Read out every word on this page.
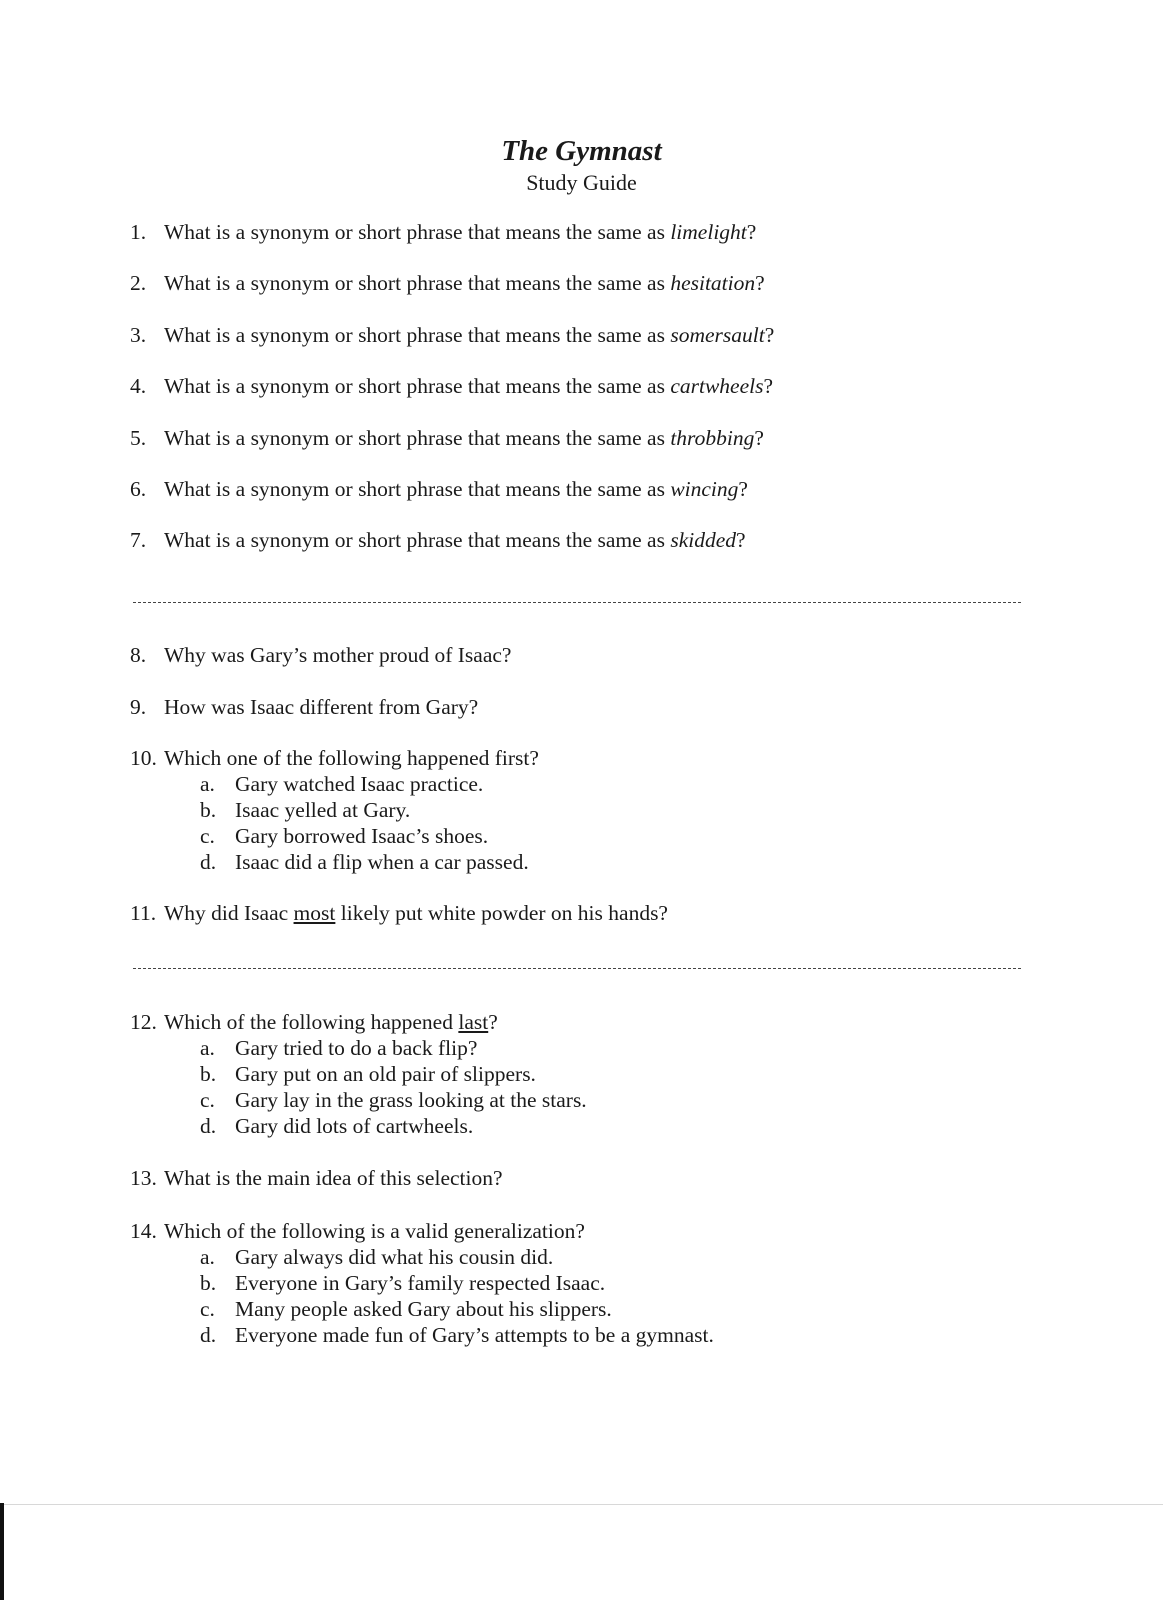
The Gymnast
Study Guide
1. What is a synonym or short phrase that means the same as limelight?
2. What is a synonym or short phrase that means the same as hesitation?
3. What is a synonym or short phrase that means the same as somersault?
4. What is a synonym or short phrase that means the same as cartwheels?
5. What is a synonym or short phrase that means the same as throbbing?
6. What is a synonym or short phrase that means the same as wincing?
7. What is a synonym or short phrase that means the same as skidded?
8. Why was Gary’s mother proud of Isaac?
9. How was Isaac different from Gary?
10. Which one of the following happened first?
a. Gary watched Isaac practice.
b. Isaac yelled at Gary.
c. Gary borrowed Isaac’s shoes.
d. Isaac did a flip when a car passed.
11. Why did Isaac most likely put white powder on his hands?
12. Which of the following happened last?
a. Gary tried to do a back flip?
b. Gary put on an old pair of slippers.
c. Gary lay in the grass looking at the stars.
d. Gary did lots of cartwheels.
13. What is the main idea of this selection?
14. Which of the following is a valid generalization?
a. Gary always did what his cousin did.
b. Everyone in Gary’s family respected Isaac.
c. Many people asked Gary about his slippers.
d. Everyone made fun of Gary’s attempts to be a gymnast.
